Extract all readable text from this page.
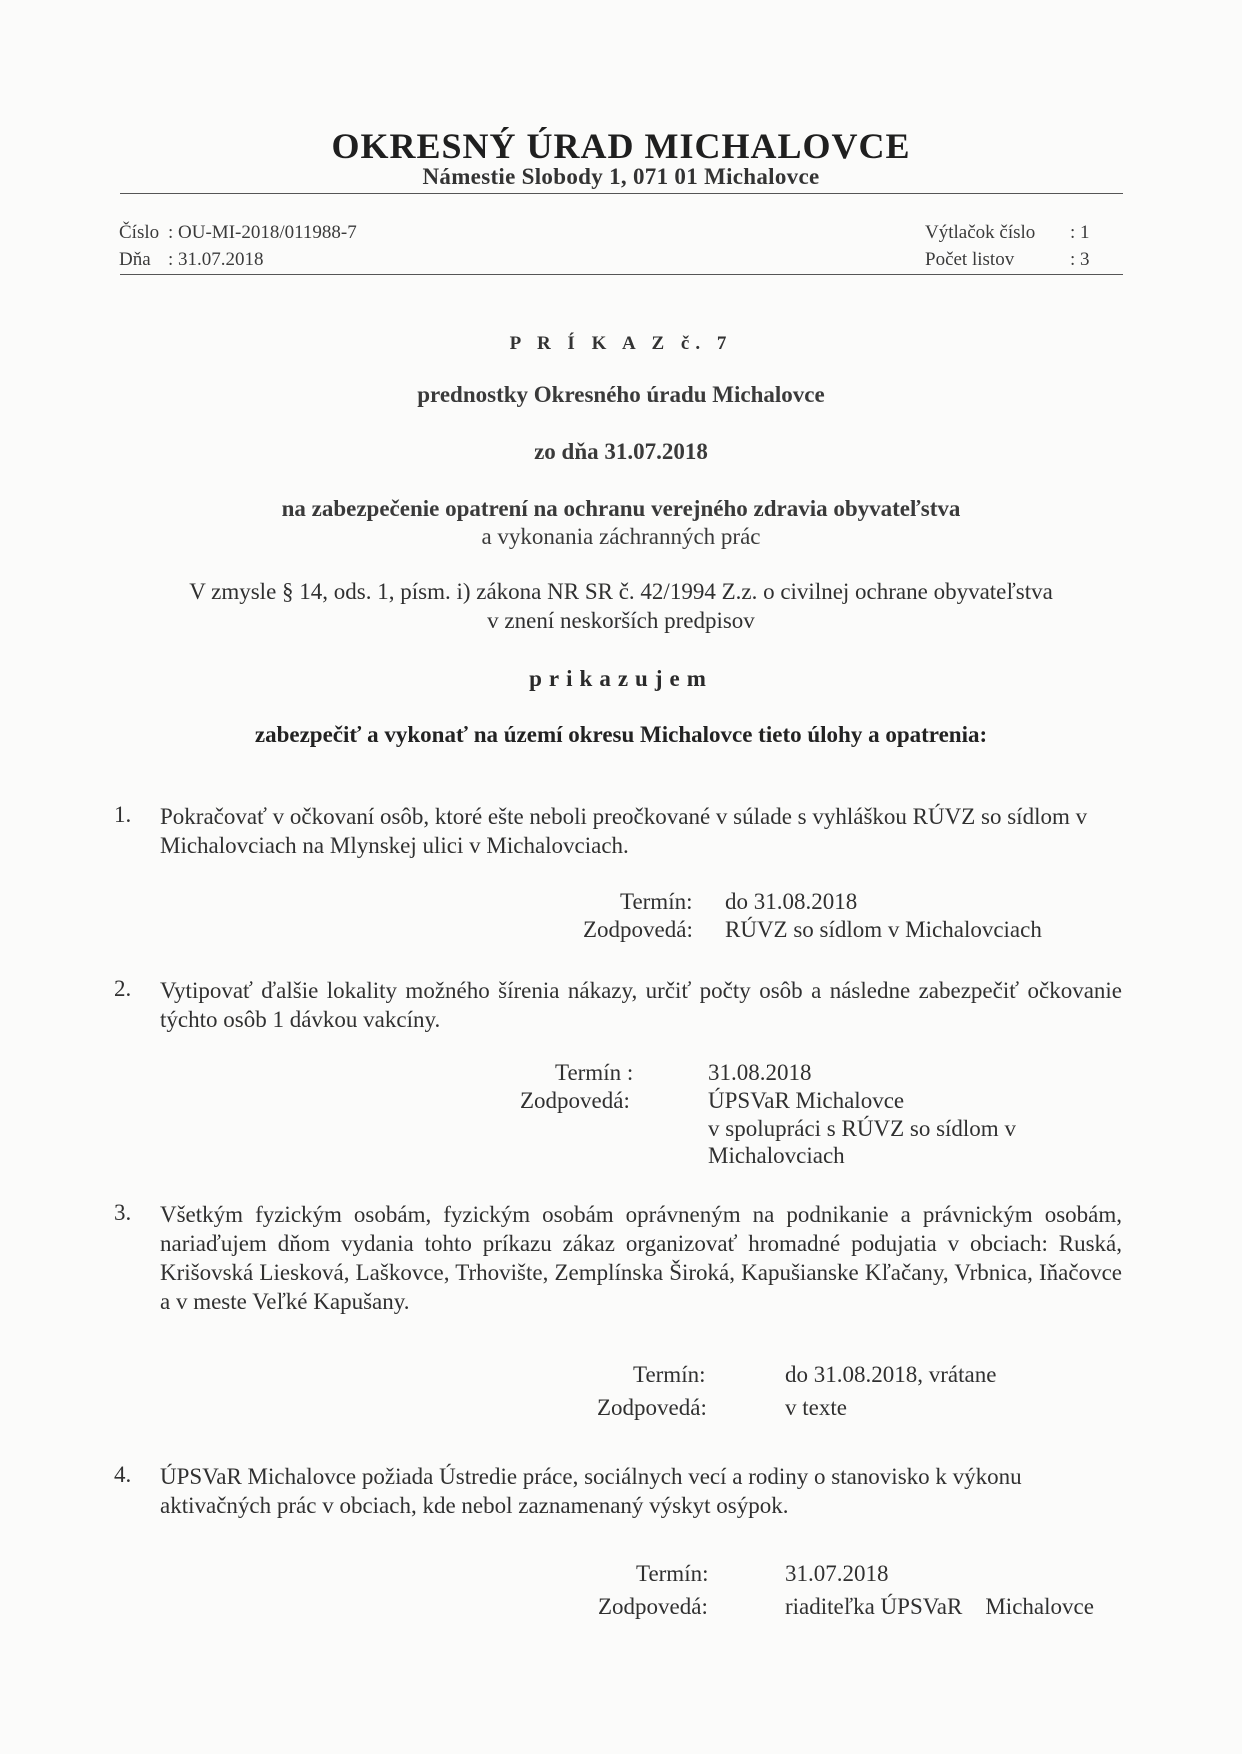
OKRESNÝ ÚRAD MICHALOVCE
Námestie Slobody 1, 071 01 Michalovce
Číslo : OU-MI-2018/011988-7
Dňa : 31.07.2018
Výtlačok číslo : 1
Počet listov	: 3
P R Í K A Z č. 7
prednostky Okresného úradu Michalovce
zo dňa 31.07.2018
na zabezpečenie opatrení na ochranu verejného zdravia obyvateľstva
a vykonania záchranných prác
V zmysle § 14, ods. 1, písm. i) zákona NR SR č. 42/1994 Z.z. o civilnej ochrane obyvateľstva
v znení neskorších predpisov
prikazujem
zabezpečiť a vykonať na území okresu Michalovce tieto úlohy a opatrenia:
1. Pokračovať v očkovaní osôb, ktoré ešte neboli preočkované v súlade s vyhláškou RÚVZ so sídlom v Michalovciach na Mlynskej ulici v Michalovciach.
Termín: do 31.08.2018
Zodpovedá: RÚVZ so sídlom v Michalovciach
2. Vytipovať ďalšie lokality možného šírenia nákazy, určiť počty osôb a následne zabezpečiť očkovanie týchto osôb 1 dávkou vakcíny.
Termín :	31.08.2018
Zodpovedá:	ÚPSVaR Michalovce
v spolupráci s RÚVZ so sídlom v
Michalovciach
3. Všetkým fyzickým osobám, fyzickým osobám oprávneným na podnikanie a právnickým osobám, nariaďujem dňom vydania tohto príkazu zákaz organizovať hromadné podujatia v obciach: Ruská, Krišovská Liesková, Laškovce, Trhovište, Zemplínska Široká, Kapušianske Kľačany, Vrbnica, Iňačovce a v meste Veľké Kapušany.
Termín:	do 31.08.2018, vrátane
Zodpovedá:	v texte
4. ÚPSVaR Michalovce požiada Ústredie práce, sociálnych vecí a rodiny o stanovisko k výkonu aktivačných prác v obciach, kde nebol zaznamenaný výskyt osýpok.
Termín:	31.07.2018
Zodpovedá:	riaditeľka ÚPSVaR    Michalovce
